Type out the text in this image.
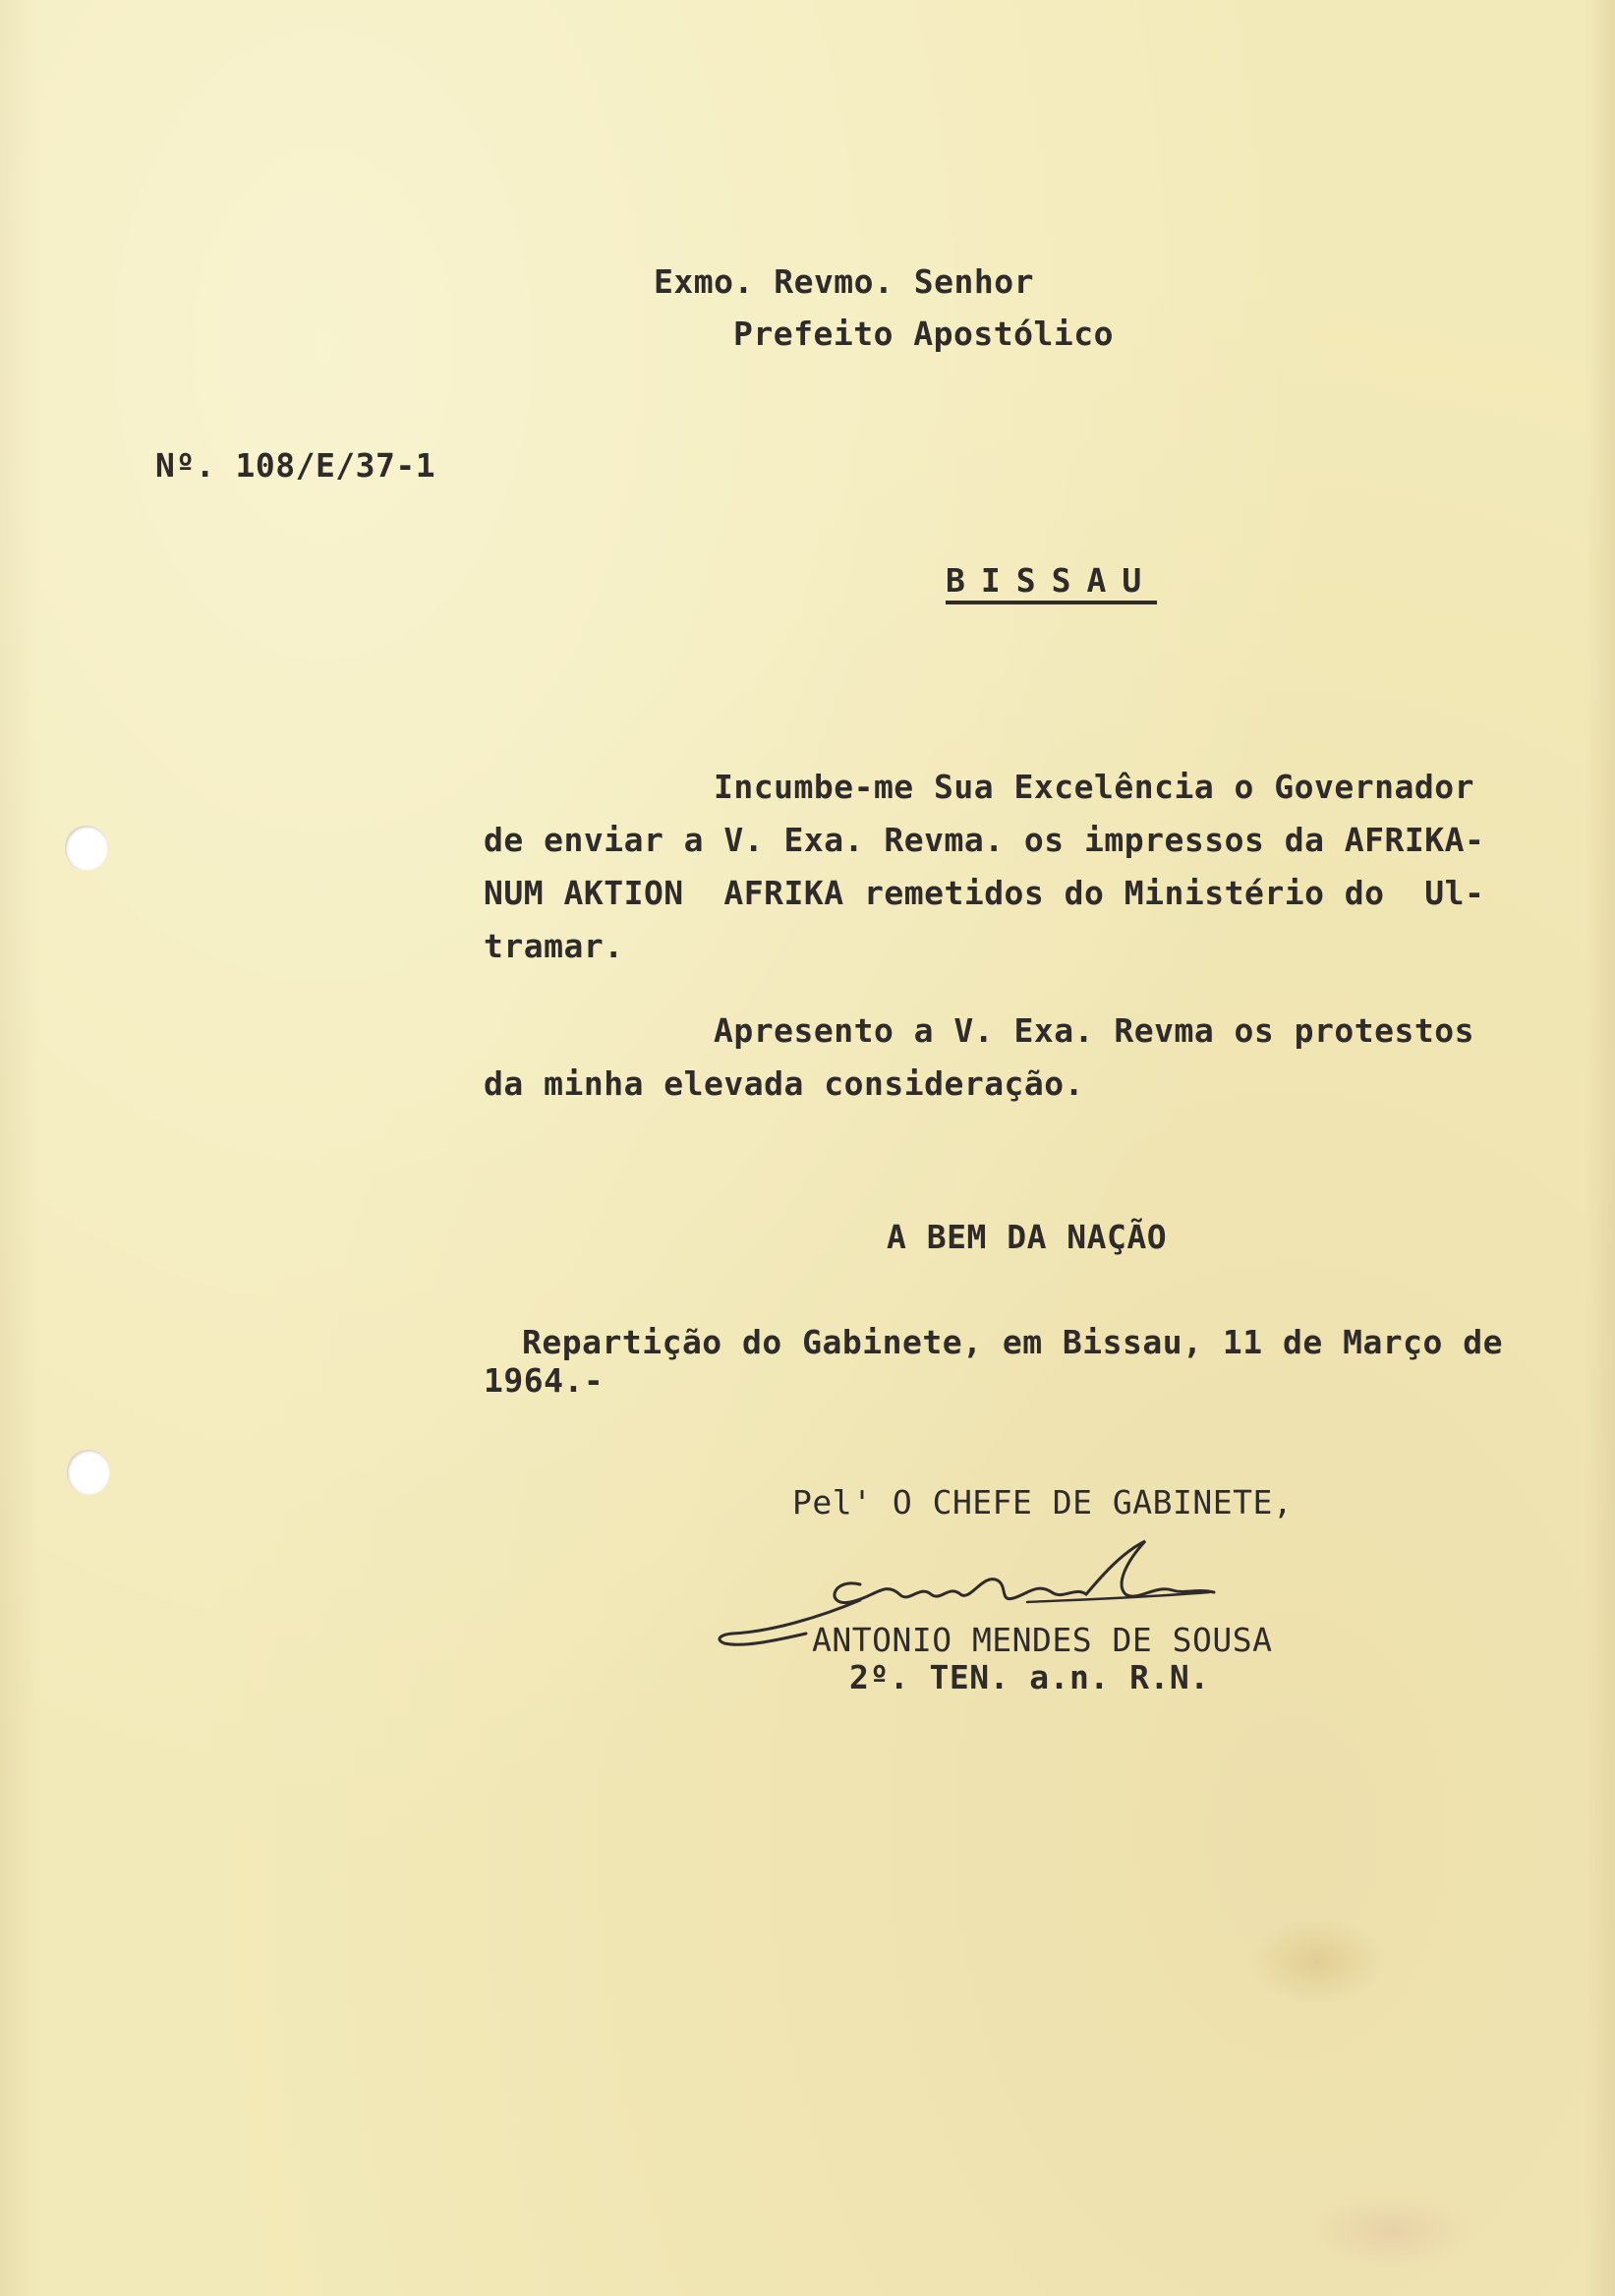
Exmo. Revmo. Senhor
Prefeito Apostólico
Nº. 108/E/37-1
BISSAU
Incumbe-me Sua Excelência o Governador
de enviar a V. Exa. Revma. os impressos da AFRIKA-
NUM AKTION  AFRIKA remetidos do Ministério do  Ul-
tramar.
Apresento a V. Exa. Revma os protestos
da minha elevada consideração.
A BEM DA NAÇÃO
Repartição do Gabinete, em Bissau, 11 de Março de
1964.-
Pel' O CHEFE DE GABINETE,
ANTONIO MENDES DE SOUSA
2º. TEN. a.n. R.N.
